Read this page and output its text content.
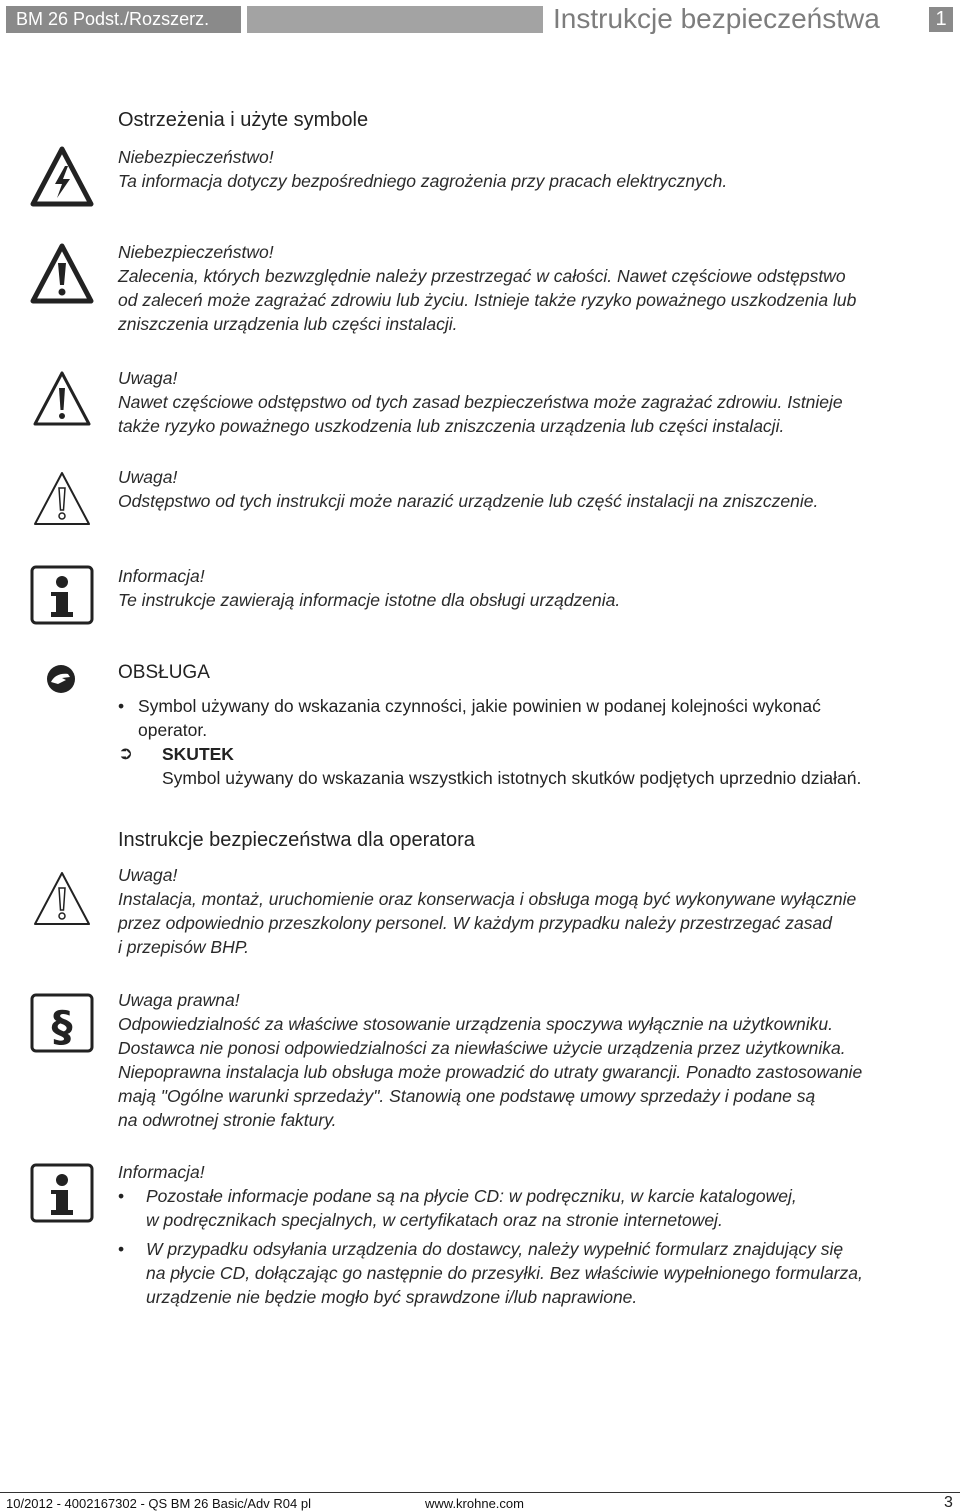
BM 26 Podst./Rozszerz.	Instrukcje bezpieczeństwa	1
Ostrzeżenia i użyte symbole
Niebezpieczeństwo!
Ta informacja dotyczy bezpośredniego zagrożenia przy pracach elektrycznych.
Niebezpieczeństwo!
Zalecenia, których bezwzględnie należy przestrzegać w całości. Nawet częściowe odstępstwo
od zaleceń może zagrażać zdrowiu lub życiu. Istnieje także ryzyko poważnego uszkodzenia lub
zniszczenia urządzenia lub części instalacji.
Uwaga!
Nawet częściowe odstępstwo od tych zasad bezpieczeństwa może zagrażać zdrowiu. Istnieje
także ryzyko poważnego uszkodzenia lub zniszczenia urządzenia lub części instalacji.
Uwaga!
Odstępstwo od tych instrukcji może narazić urządzenie lub część instalacji na zniszczenie.
Informacja!
Te instrukcje zawierają informacje istotne dla obsługi urządzenia.
OBSŁUGA
• Symbol używany do wskazania czynności, jakie powinien w podanej kolejności wykonać
operator.
➲ SKUTEK
Symbol używany do wskazania wszystkich istotnych skutków podjętych uprzednio działań.
Instrukcje bezpieczeństwa dla operatora
Uwaga!
Instalacja, montaż, uruchomienie oraz konserwacja i obsługa mogą być wykonywane wyłącznie
przez odpowiednio przeszkolony personel. W każdym przypadku należy przestrzegać zasad
i przepisów BHP.
§
Uwaga prawna!
Odpowiedzialność za właściwe stosowanie urządzenia spoczywa wyłącznie na użytkowniku.
Dostawca nie ponosi odpowiedzialności za niewłaściwe użycie urządzenia przez użytkownika.
Niepoprawna instalacja lub obsługa może prowadzić do utraty gwarancji. Ponadto zastosowanie
mają "Ogólne warunki sprzedaży". Stanowią one podstawę umowy sprzedaży i podane są
na odwrotnej stronie faktury.
Informacja!
• Pozostałe informacje podane są na płycie CD: w podręczniku, w karcie katalogowej,
w podręcznikach specjalnych, w certyfikatach oraz na stronie internetowej.
• W przypadku odsyłania urządzenia do dostawcy, należy wypełnić formularz znajdujący się
na płycie CD, dołączając go następnie do przesyłki. Bez właściwie wypełnionego formularza,
urządzenie nie będzie mogło być sprawdzone i/lub naprawione.
10/2012 - 4002167302 - QS BM 26 Basic/Adv R04 pl	www.krohne.com	3
